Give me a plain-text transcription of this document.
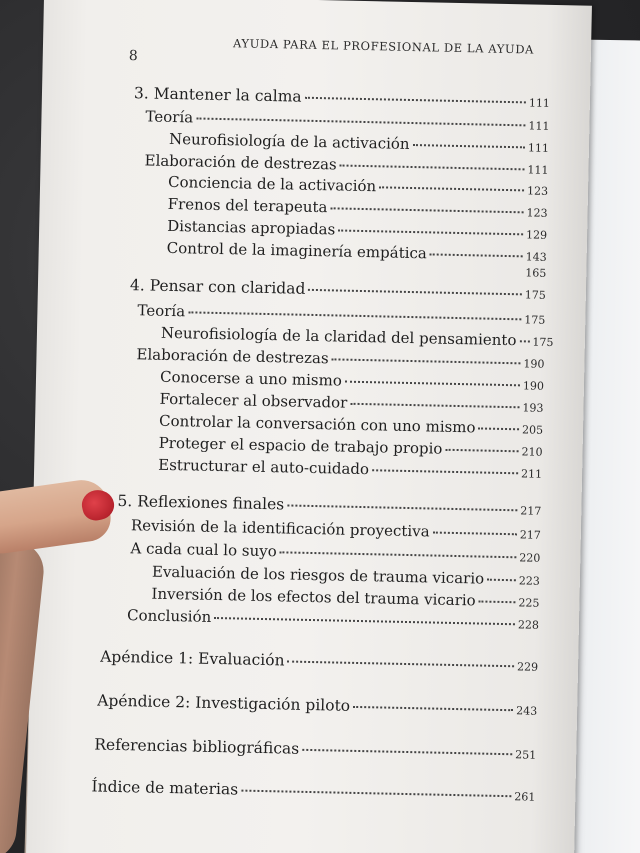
AYUDA PARA EL PROFESIONAL DE LA AYUDA
8
3. Mantener la calma	111
Teoría	111
Neurofisiología de la activación	111
Elaboración de destrezas	111
Conciencia de la activación	123
Frenos del terapeuta	123
Distancias apropiadas	129
Control de la imaginería empática	143
165
4. Pensar con claridad	175
Teoría	175
Neurofisiología de la claridad del pensamiento 175
Elaboración de destrezas	190
Conocerse a uno mismo	190
Fortalecer al observador	193
Controlar la conversación con uno mismo	205
Proteger el espacio de trabajo propio	210
Estructurar el auto-cuidado	211
5. Reflexiones finales	217
Revisión de la identificación proyectiva	217
A cada cual lo suyo	220
Evaluación de los riesgos de trauma vicario	223
Inversión de los efectos del trauma vicario	225
Conclusión	228
Apéndice 1: Evaluación	229
Apéndice 2: Investigación piloto	243
Referencias bibliográficas	251
Índice de materias	261
